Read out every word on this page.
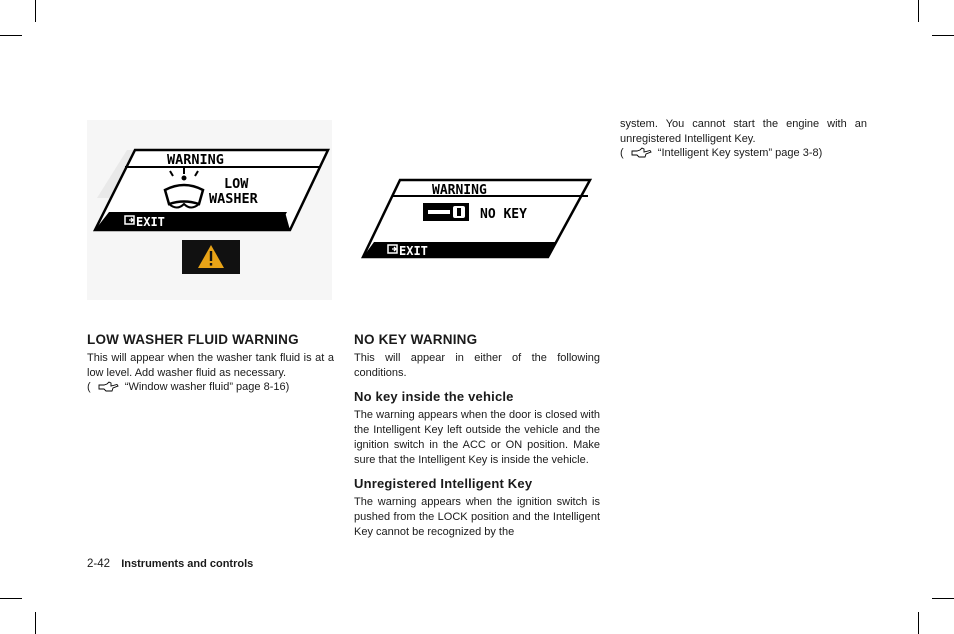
WARNING
LOW
WASHER
EXIT
WARNING
NO KEY
EXIT

LOW WASHER FLUID WARNING

This will appear when the washer tank fluid is at a low level. Add washer fluid as necessary.

(	“Window washer fluid” page 8-16)

NO KEY WARNING

This will appear in either of the following conditions.

No key inside the vehicle

The warning appears when the door is closed with the Intelligent Key left outside the vehicle and the ignition switch in the ACC or ON position. Make sure that the Intelligent Key is inside the vehicle.

Unregistered Intelligent Key

The warning appears when the ignition switch is pushed from the LOCK position and the Intelligent Key cannot be recognized by the

system. You cannot start the engine with an unregistered Intelligent Key.

(	“Intelligent Key system” page 3-8)

2-42 Instruments and controls
